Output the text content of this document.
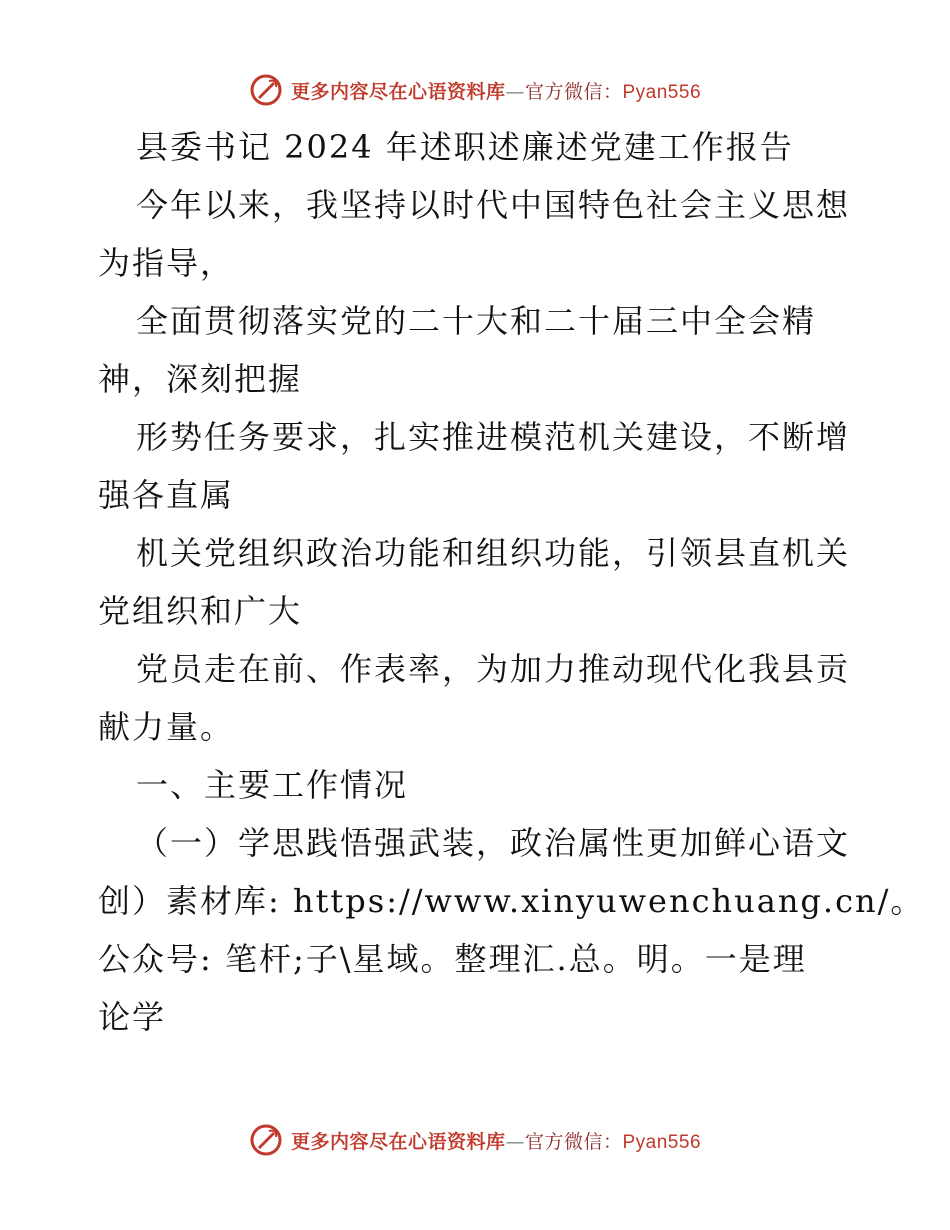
更多内容尽在心语资料库—官方微信：Pyan556
县委书记 2024 年述职述廉述党建工作报告
今年以来，我坚持以时代中国特色社会主义思想
为指导，
全面贯彻落实党的二十大和二十届三中全会精
神，深刻把握
形势任务要求，扎实推进模范机关建设，不断增
强各直属
机关党组织政治功能和组织功能，引领县直机关
党组织和广大
党员走在前、作表率，为加力推动现代化我县贡
献力量。
一、主要工作情况
（一）学思践悟强武装，政治属性更加鲜心语文
创）素材库: https://www.xinyuwenchuang.cn/。
公众号: 笔杆;子\星域。整理汇.总。明。一是理
论学
更多内容尽在心语资料库—官方微信：Pyan556
